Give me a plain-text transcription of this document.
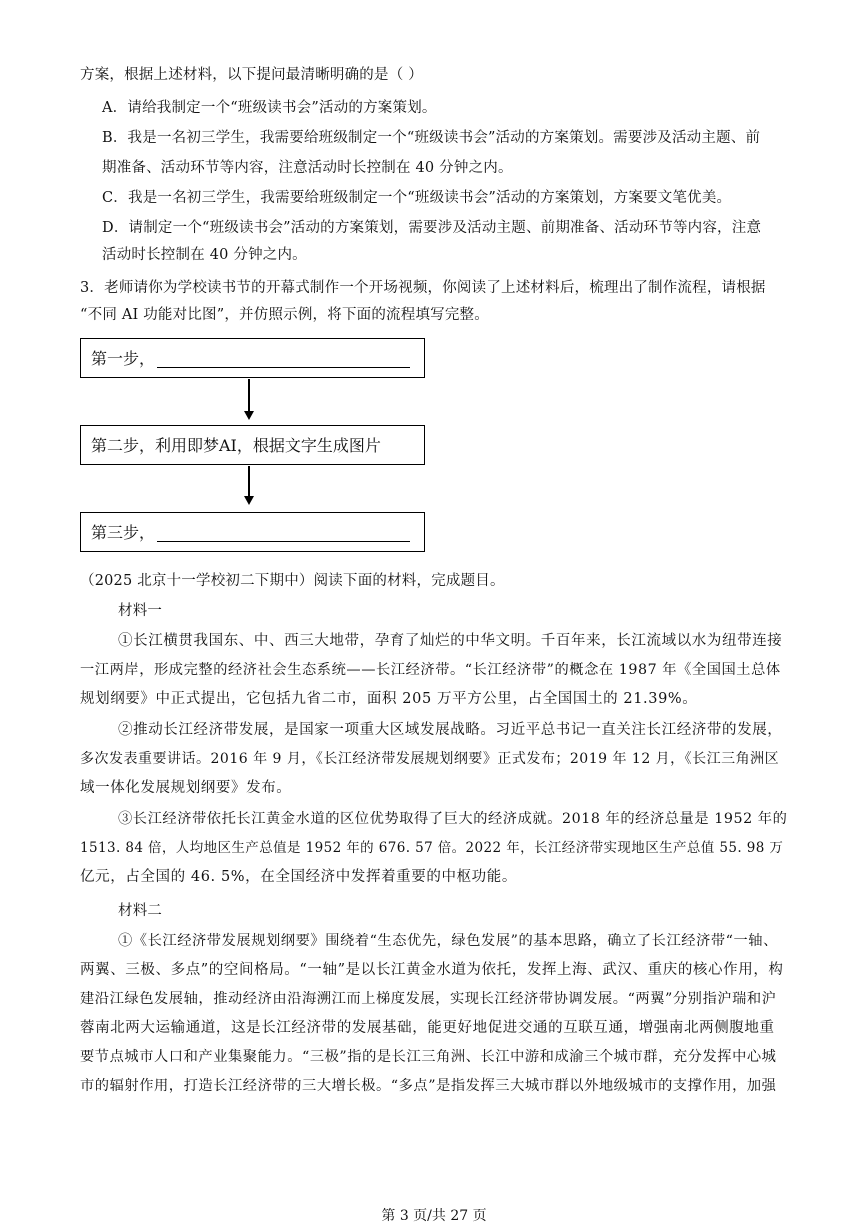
方案，根据上述材料，以下提问最清晰明确的是（ ）
A．请给我制定一个“班级读书会”活动的方案策划。
B．我是一名初三学生，我需要给班级制定一个“班级读书会”活动的方案策划。需要涉及活动主题、前
期准备、活动环节等内容，注意活动时长控制在 40 分钟之内。
C．我是一名初三学生，我需要给班级制定一个“班级读书会”活动的方案策划，方案要文笔优美。
D．请制定一个“班级读书会”活动的方案策划，需要涉及活动主题、前期准备、活动环节等内容，注意
活动时长控制在 40 分钟之内。
3．老师请你为学校读书节的开幕式制作一个开场视频，你阅读了上述材料后，梳理出了制作流程，请根据
“不同 AI 功能对比图”，并仿照示例，将下面的流程填写完整。
第一步，
第二步，利用即梦AI，根据文字生成图片
第三步，
（2025 北京十一学校初二下期中）阅读下面的材料，完成题目。
材料一
①长江横贯我国东、中、西三大地带，孕育了灿烂的中华文明。千百年来，长江流域以水为纽带连接
一江两岸，形成完整的经济社会生态系统——长江经济带。“长江经济带”的概念在 1987 年《全国国土总体
规划纲要》中正式提出，它包括九省二市，面积 205 万平方公里，占全国国土的 21.39%。
②推动长江经济带发展，是国家一项重大区域发展战略。习近平总书记一直关注长江经济带的发展，
多次发表重要讲话。2016 年 9 月，《长江经济带发展规划纲要》正式发布；2019 年 12 月，《长江三角洲区
域一体化发展规划纲要》发布。
③长江经济带依托长江黄金水道的区位优势取得了巨大的经济成就。2018 年的经济总量是 1952 年的
1513. 84 倍，人均地区生产总值是 1952 年的 676. 57 倍。2022 年，长江经济带实现地区生产总值 55. 98 万
亿元，占全国的 46. 5%，在全国经济中发挥着重要的中枢功能。
材料二
①《长江经济带发展规划纲要》围绕着“生态优先，绿色发展”的基本思路，确立了长江经济带“一轴、
两翼、三极、多点”的空间格局。“一轴”是以长江黄金水道为依托，发挥上海、武汉、重庆的核心作用，构
建沿江绿色发展轴，推动经济由沿海溯江而上梯度发展，实现长江经济带协调发展。“两翼”分别指沪瑞和沪
蓉南北两大运输通道，这是长江经济带的发展基础，能更好地促进交通的互联互通，增强南北两侧腹地重
要节点城市人口和产业集聚能力。“三极”指的是长江三角洲、长江中游和成渝三个城市群，充分发挥中心城
市的辐射作用，打造长江经济带的三大增长极。“多点”是指发挥三大城市群以外地级城市的支撑作用，加强
第 3 页/共 27 页
